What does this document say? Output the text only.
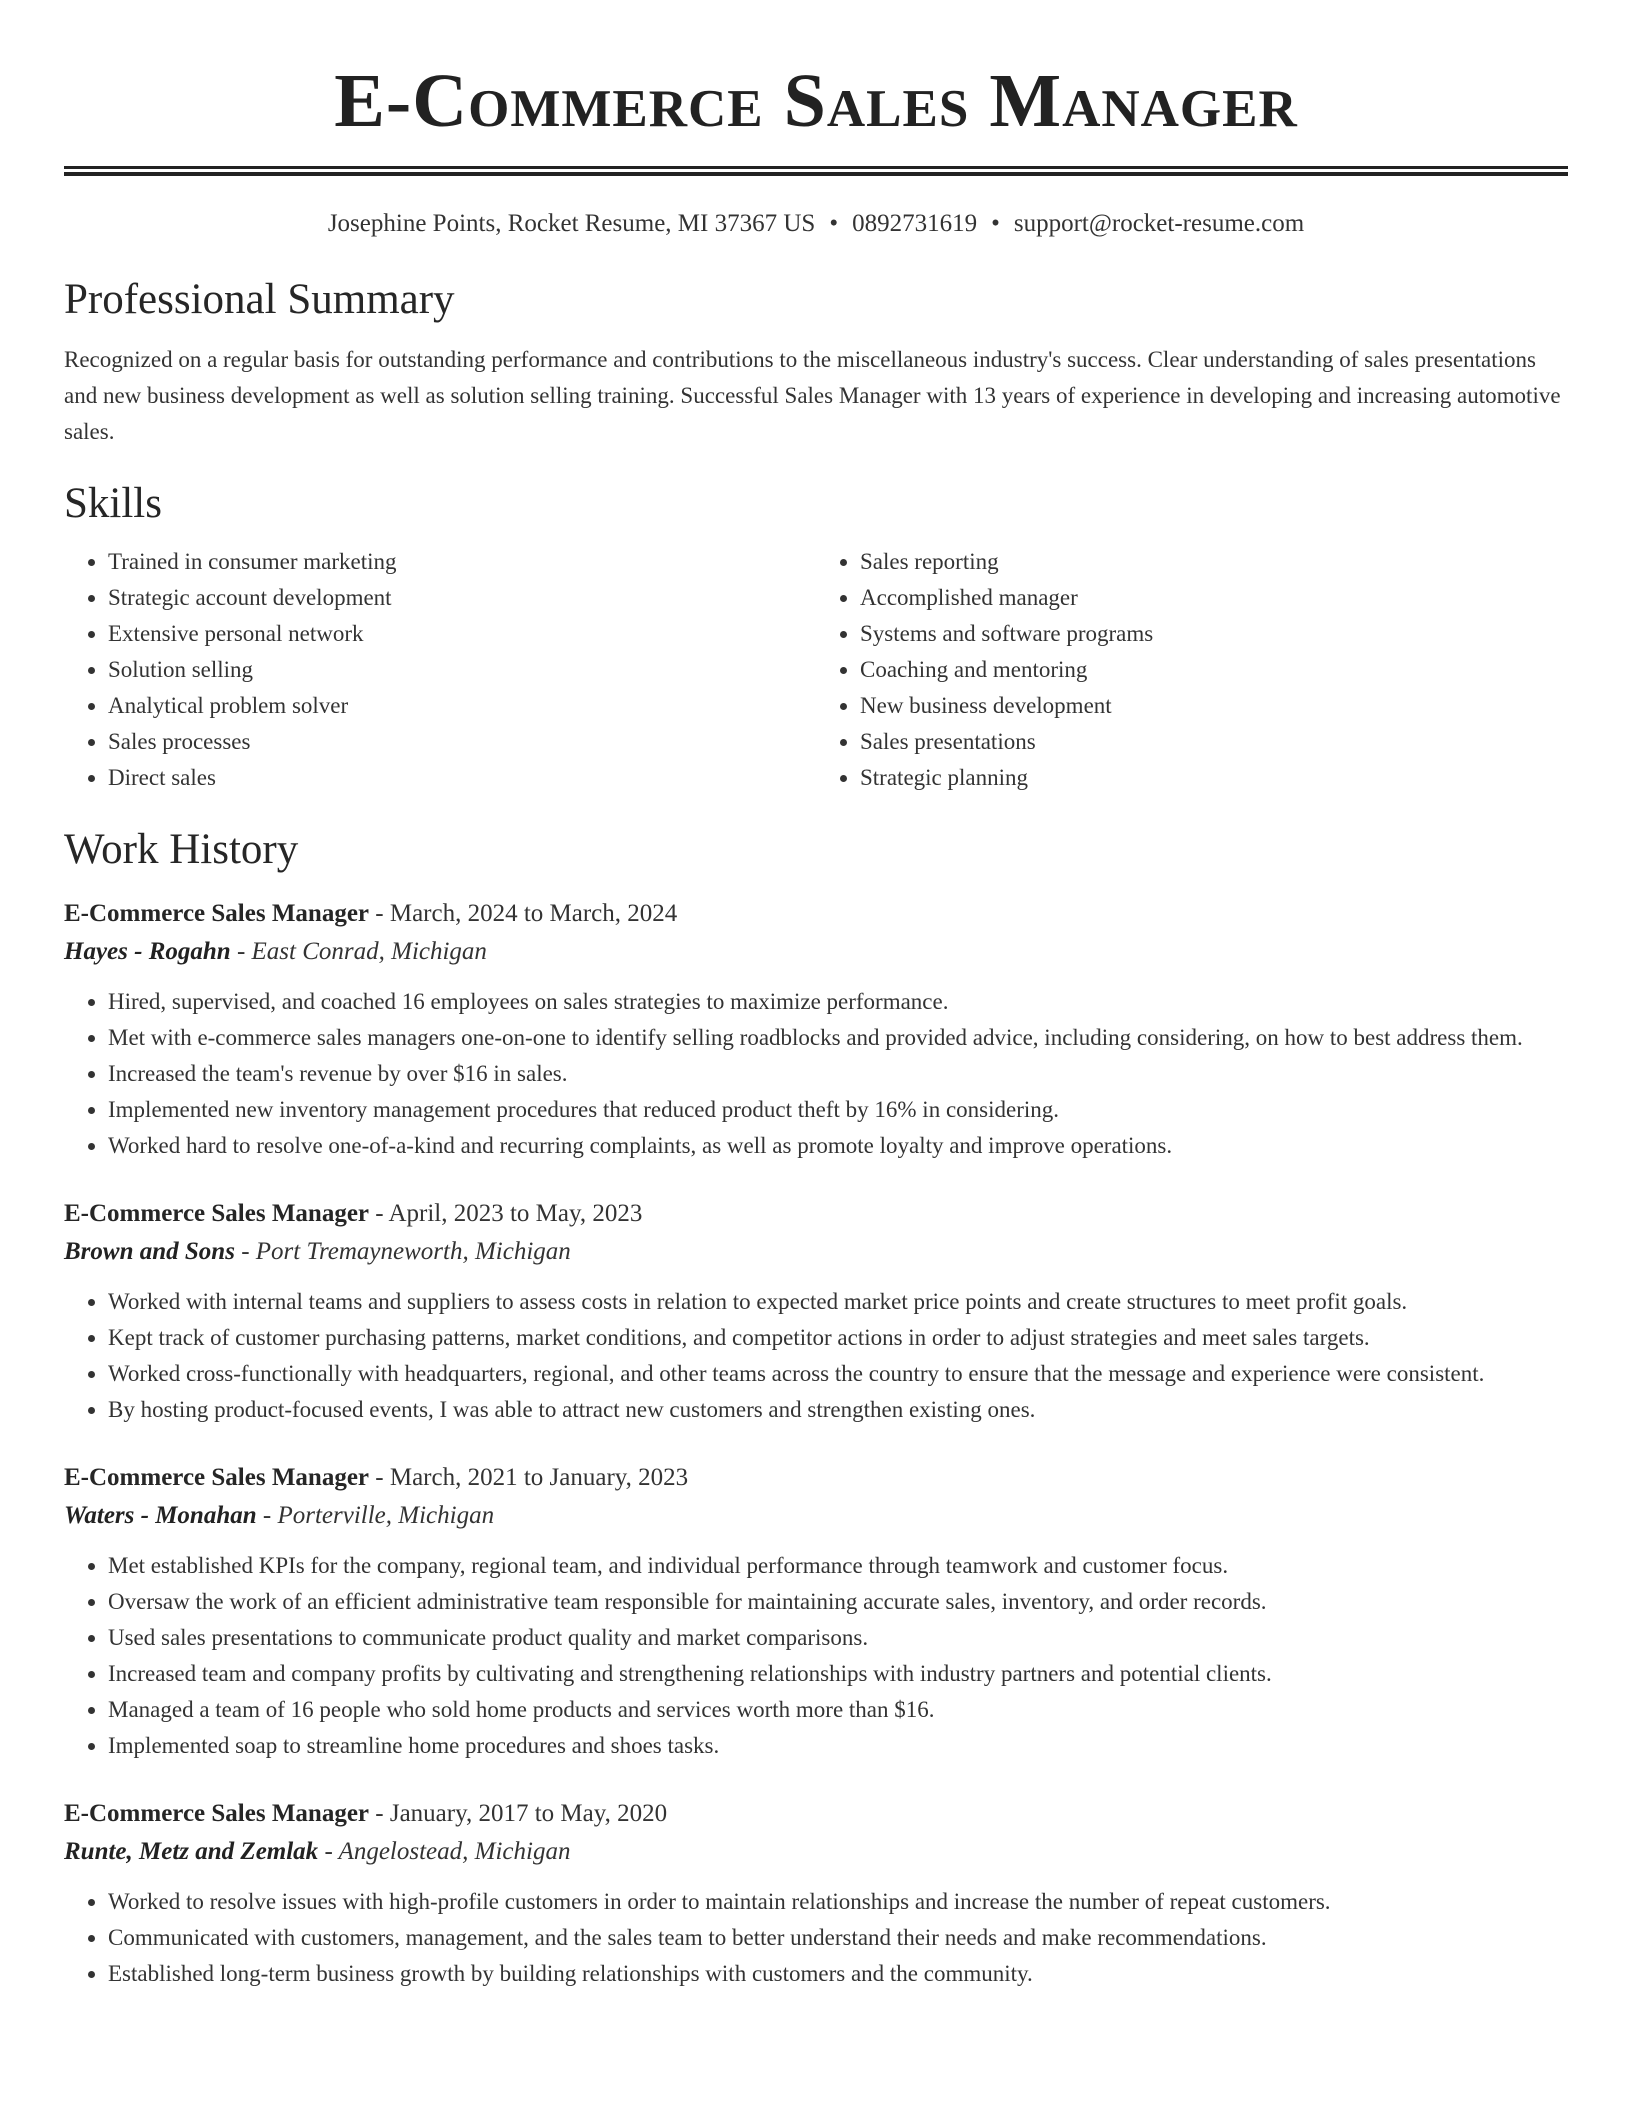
E-Commerce Sales Manager
Josephine Points, Rocket Resume, MI 37367 US • 0892731619 • support@rocket-resume.com
Professional Summary

Recognized on a regular basis for outstanding performance and contributions to the miscellaneous industry's success. Clear understanding of sales presentations and new business development as well as solution selling training. Successful Sales Manager with 13 years of experience in developing and increasing automotive sales.

Skills
• Trained in consumer marketing
• Strategic account development
• Extensive personal network
• Solution selling
• Analytical problem solver
• Sales processes
• Direct sales
• Sales reporting
• Accomplished manager
• Systems and software programs
• Coaching and mentoring
• New business development
• Sales presentations
• Strategic planning
Work History
E-Commerce Sales Manager - March, 2024 to March, 2024
Hayes - Rogahn - East Conrad, Michigan
• Hired, supervised, and coached 16 employees on sales strategies to maximize performance.
• Met with e-commerce sales managers one-on-one to identify selling roadblocks and provided advice, including considering, on how to best address them.
• Increased the team's revenue by over $16 in sales.
• Implemented new inventory management procedures that reduced product theft by 16% in considering.
• Worked hard to resolve one-of-a-kind and recurring complaints, as well as promote loyalty and improve operations.
E-Commerce Sales Manager - April, 2023 to May, 2023
Brown and Sons - Port Tremayneworth, Michigan
• Worked with internal teams and suppliers to assess costs in relation to expected market price points and create structures to meet profit goals.
• Kept track of customer purchasing patterns, market conditions, and competitor actions in order to adjust strategies and meet sales targets.
• Worked cross-functionally with headquarters, regional, and other teams across the country to ensure that the message and experience were consistent.
• By hosting product-focused events, I was able to attract new customers and strengthen existing ones.
E-Commerce Sales Manager - March, 2021 to January, 2023
Waters - Monahan - Porterville, Michigan
• Met established KPIs for the company, regional team, and individual performance through teamwork and customer focus.
• Oversaw the work of an efficient administrative team responsible for maintaining accurate sales, inventory, and order records.
• Used sales presentations to communicate product quality and market comparisons.
• Increased team and company profits by cultivating and strengthening relationships with industry partners and potential clients.
• Managed a team of 16 people who sold home products and services worth more than $16.
• Implemented soap to streamline home procedures and shoes tasks.
E-Commerce Sales Manager - January, 2017 to May, 2020
Runte, Metz and Zemlak - Angelostead, Michigan
• Worked to resolve issues with high-profile customers in order to maintain relationships and increase the number of repeat customers.
• Communicated with customers, management, and the sales team to better understand their needs and make recommendations.
• Established long-term business growth by building relationships with customers and the community.
